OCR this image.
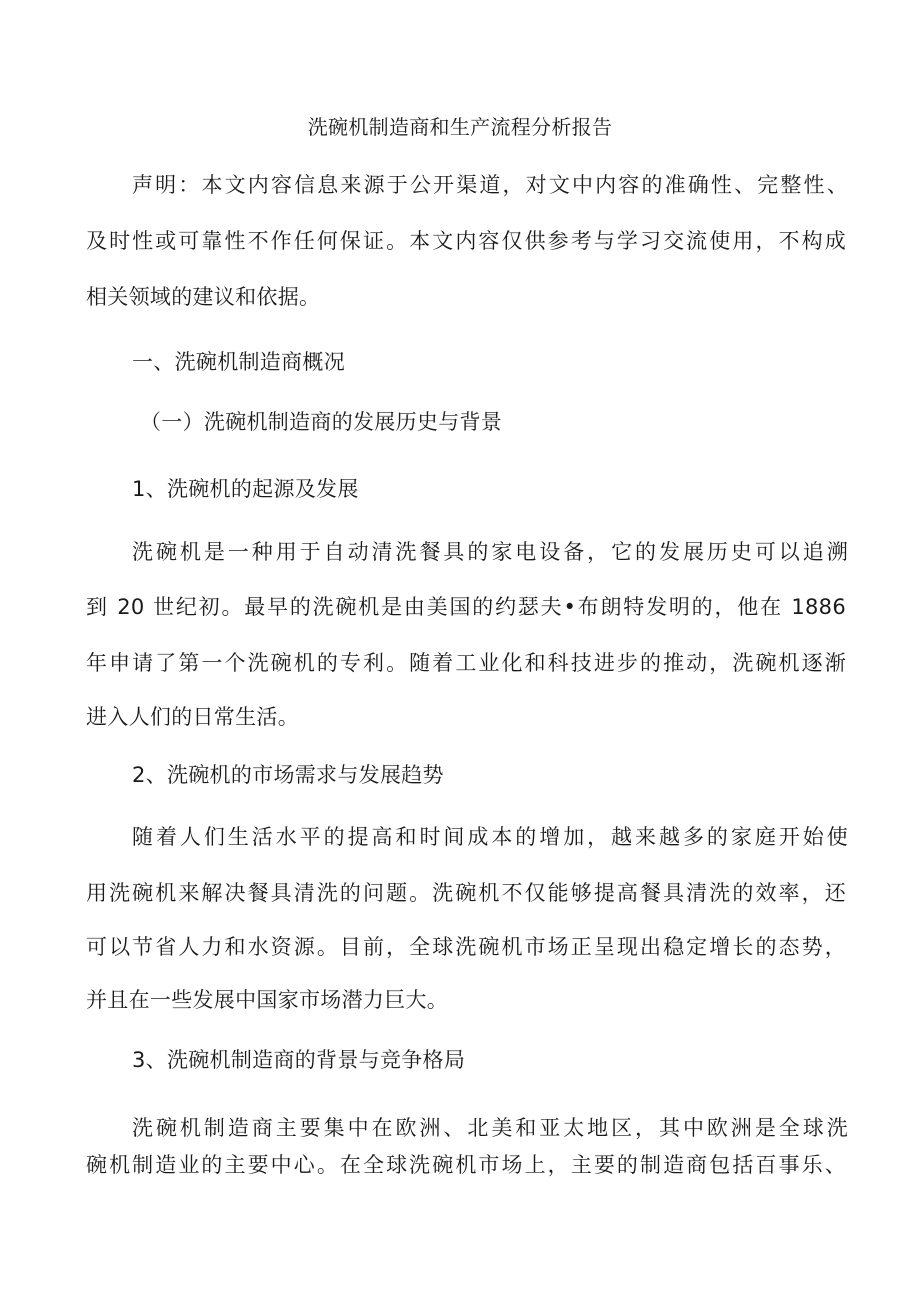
洗碗机制造商和生产流程分析报告
声明：本文内容信息来源于公开渠道，对文中内容的准确性、完整性、
及时性或可靠性不作任何保证。本文内容仅供参考与学习交流使用，不构成
相关领域的建议和依据。
一、洗碗机制造商概况
（一）洗碗机制造商的发展历史与背景
1、洗碗机的起源及发展
洗碗机是一种用于自动清洗餐具的家电设备，它的发展历史可以追溯
到 20 世纪初。最早的洗碗机是由美国的约瑟夫•布朗特发明的，他在 1886
年申请了第一个洗碗机的专利。随着工业化和科技进步的推动，洗碗机逐渐
进入人们的日常生活。
2、洗碗机的市场需求与发展趋势
随着人们生活水平的提高和时间成本的增加，越来越多的家庭开始使
用洗碗机来解决餐具清洗的问题。洗碗机不仅能够提高餐具清洗的效率，还
可以节省人力和水资源。目前，全球洗碗机市场正呈现出稳定增长的态势，
并且在一些发展中国家市场潜力巨大。
3、洗碗机制造商的背景与竞争格局
洗碗机制造商主要集中在欧洲、北美和亚太地区，其中欧洲是全球洗
碗机制造业的主要中心。在全球洗碗机市场上，主要的制造商包括百事乐、
